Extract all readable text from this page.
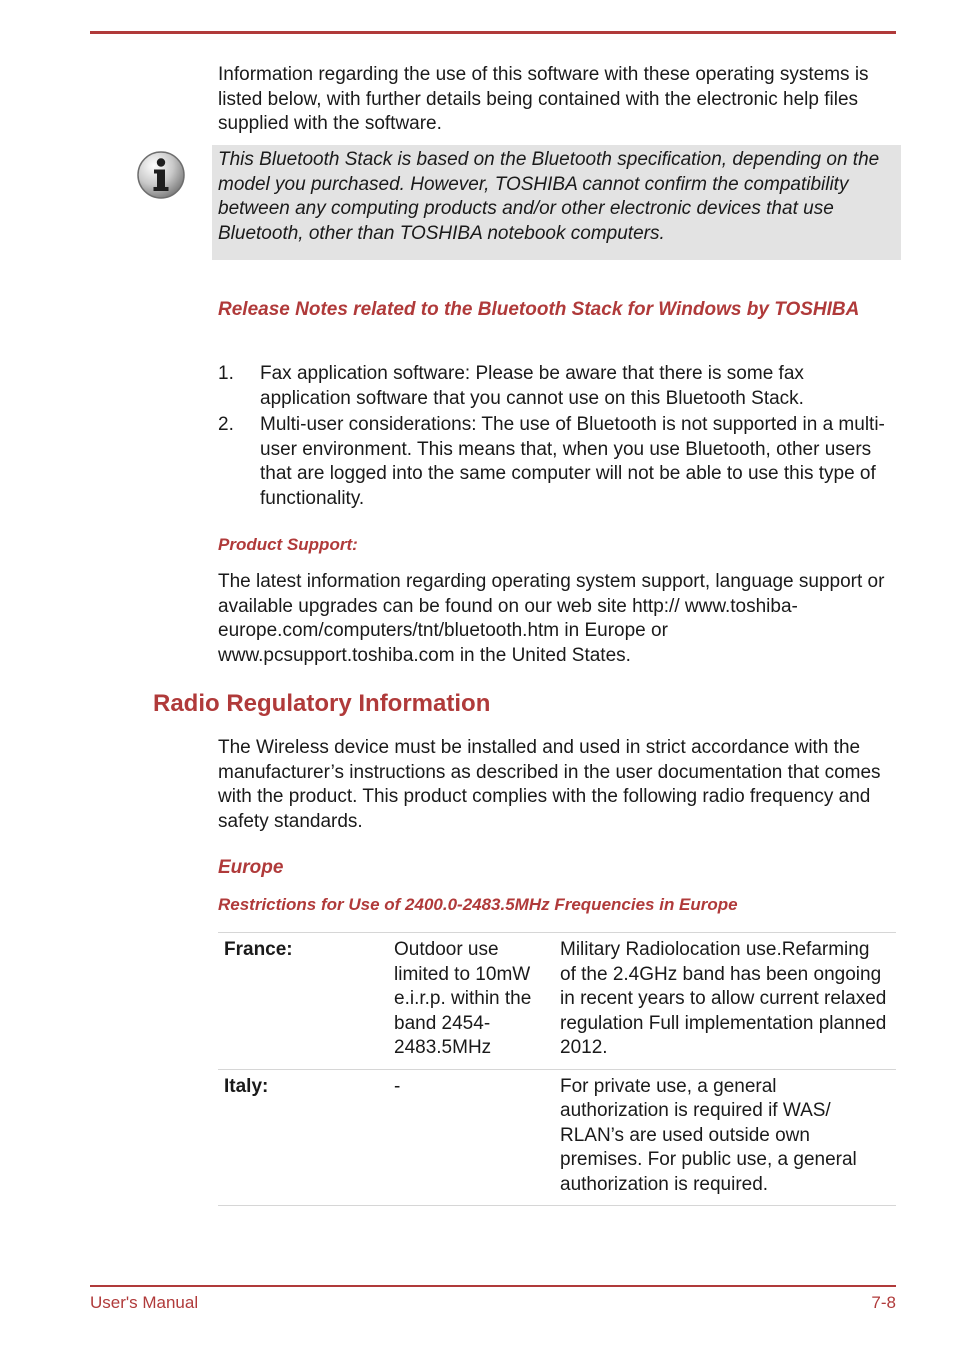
Information regarding the use of this software with these operating systems is listed below, with further details being contained with the electronic help files supplied with the software.

This Bluetooth Stack is based on the Bluetooth specification, depending on the model you purchased. However, TOSHIBA cannot confirm the compatibility between any computing products and/or other electronic devices that use Bluetooth, other than TOSHIBA notebook computers.

Release Notes related to the Bluetooth Stack for Windows by TOSHIBA
1. Fax application software: Please be aware that there is some fax application software that you cannot use on this Bluetooth Stack.
2. Multi-user considerations: The use of Bluetooth is not supported in a multi-user environment. This means that, when you use Bluetooth, other users that are logged into the same computer will not be able to use this type of functionality.
Product Support:

The latest information regarding operating system support, language support or available upgrades can be found on our web site http:// www.toshiba-europe.com/computers/tnt/bluetooth.htm in Europe or www.pcsupport.toshiba.com in the United States.

Radio Regulatory Information

The Wireless device must be installed and used in strict accordance with the manufacturer’s instructions as described in the user documentation that comes with the product. This product complies with the following radio frequency and safety standards.

Europe
Restrictions for Use of 2400.0-2483.5MHz Frequencies in Europe
France:	Outdoor use limited to 10mW e.i.r.p. within the band 2454-2483.5MHz	Military Radiolocation use.Refarming of the 2.4GHz band has been ongoing in recent years to allow current relaxed regulation Full implementation planned 2012.
Italy:	-	For private use, a general authorization is required if WAS/ RLAN’s are used outside own premises. For public use, a general authorization is required.
User's Manual	7-8
